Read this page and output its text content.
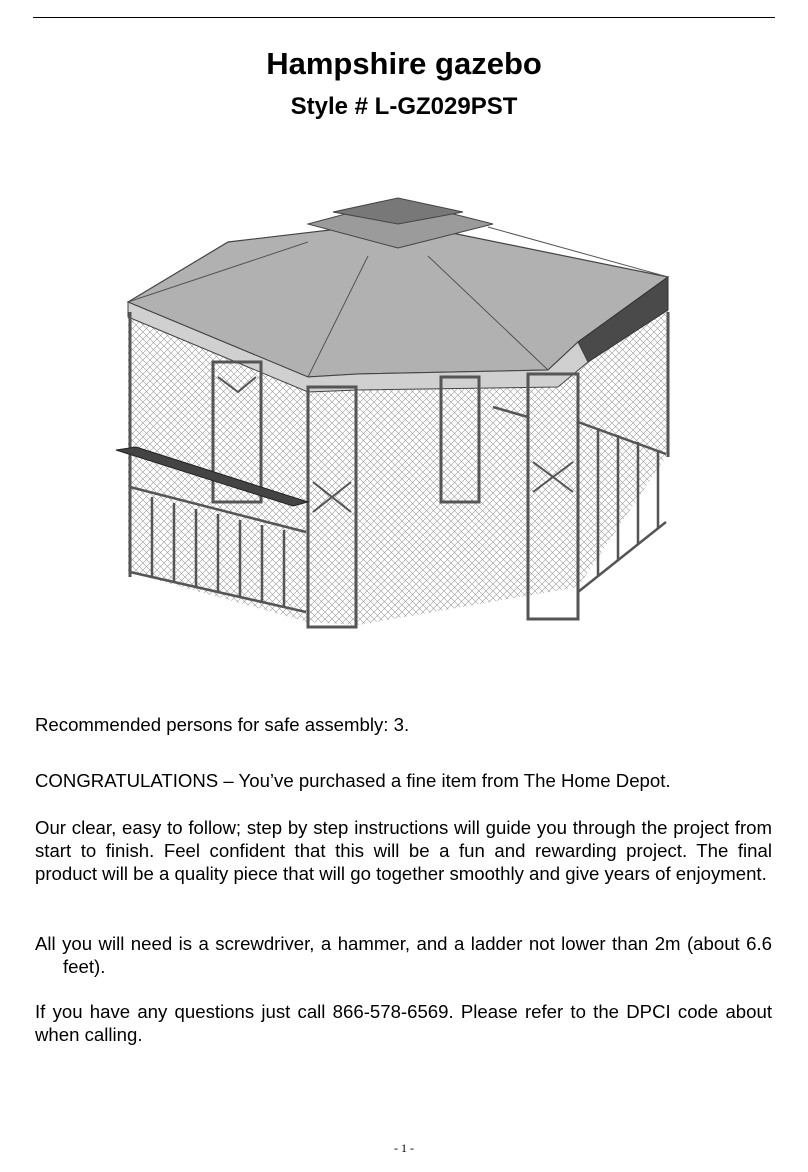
Hampshire gazebo
Style # L-GZ029PST
Recommended persons for safe assembly: 3.
CONGRATULATIONS – You’ve purchased a fine item from The Home Depot.
Our clear, easy to follow; step by step instructions will guide you through the project from start to finish. Feel confident that this will be a fun and rewarding project. The final product will be a quality piece that will go together smoothly and give years of enjoyment.
All you will need is a screwdriver, a hammer, and a ladder not lower than 2m (about 6.6 feet).
If you have any questions just call 866-578-6569. Please refer to the DPCI code about when calling.
- 1 -
